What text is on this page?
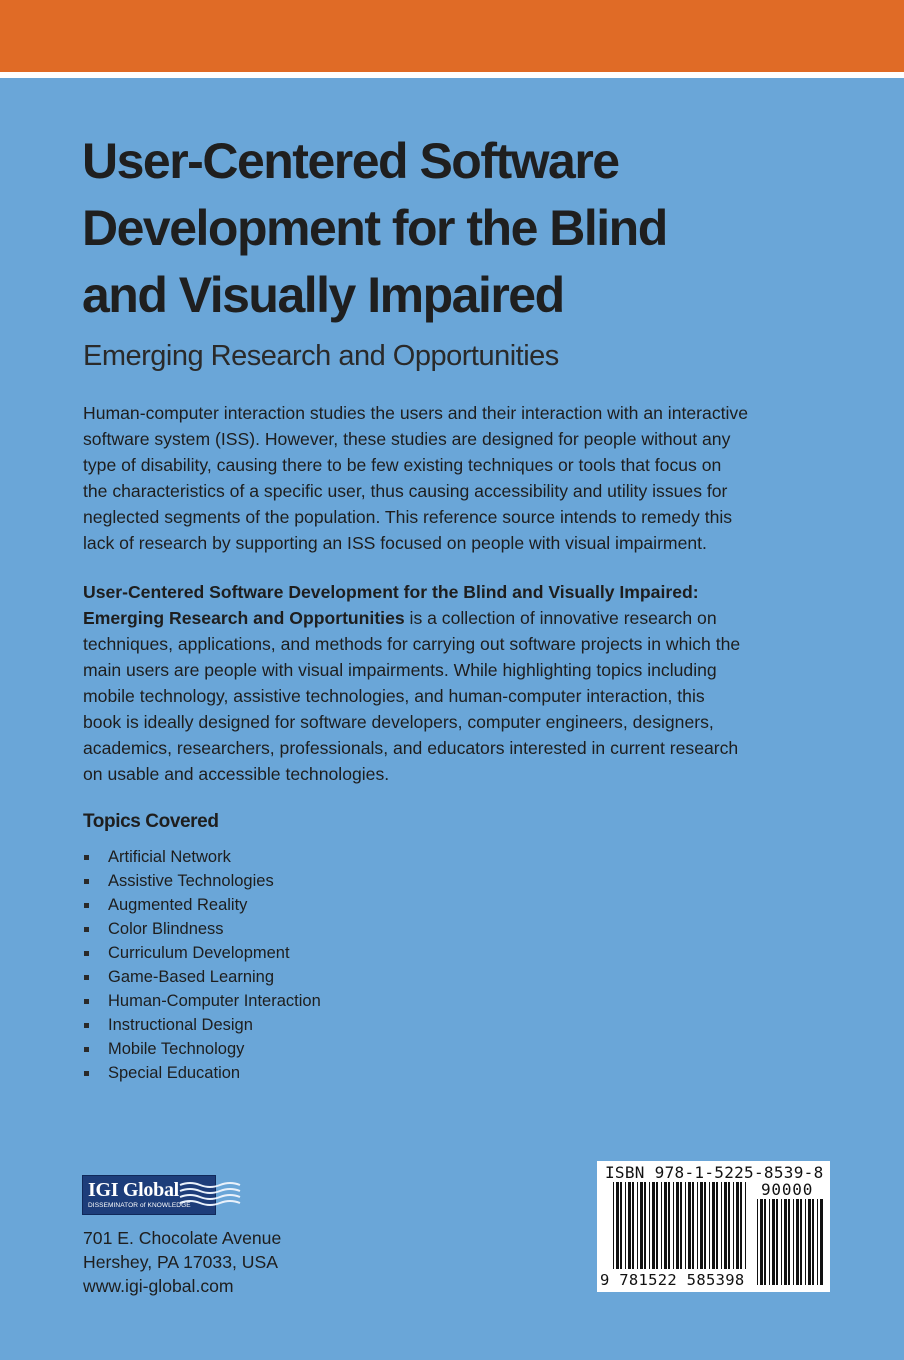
User-Centered Software
Development for the Blind
and Visually Impaired
Emerging Research and Opportunities

Human-computer interaction studies the users and their interaction with an interactive
software system (ISS). However, these studies are designed for people without any
type of disability, causing there to be few existing techniques or tools that focus on
the characteristics of a specific user, thus causing accessibility and utility issues for
neglected segments of the population. This reference source intends to remedy this
lack of research by supporting an ISS focused on people with visual impairment.

User-Centered Software Development for the Blind and Visually Impaired:
Emerging Research and Opportunities is a collection of innovative research on
techniques, applications, and methods for carrying out software projects in which the
main users are people with visual impairments. While highlighting topics including
mobile technology, assistive technologies, and human-computer interaction, this
book is ideally designed for software developers, computer engineers, designers,
academics, researchers, professionals, and educators interested in current research
on usable and accessible technologies.

Topics Covered
Artificial Network
Assistive Technologies
Augmented Reality
Color Blindness
Curriculum Development
Game-Based Learning
Human-Computer Interaction
Instructional Design
Mobile Technology
Special Education
IGI Global
DISSEMINATOR of KNOWLEDGE

701 E. Chocolate Avenue
Hershey, PA 17033, USA
www.igi-global.com

ISBN 978-1-5225-8539-8
90000
9 781522 585398
